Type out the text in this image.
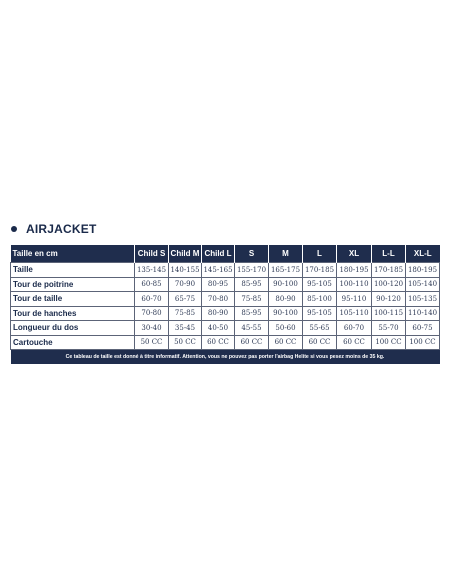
AIRJACKET
Taille en cm	Child S	Child M	Child L	S	M	L	XL	L-L	XL-L
Taille	135-145	140-155	145-165	155-170	165-175	170-185	180-195	170-185	180-195
Tour de poitrine	60-85	70-90	80-95	85-95	90-100	95-105	100-110	100-120	105-140
Tour de taille	60-70	65-75	70-80	75-85	80-90	85-100	95-110	90-120	105-135
Tour de hanches	70-80	75-85	80-90	85-95	90-100	95-105	105-110	100-115	110-140
Longueur du dos	30-40	35-45	40-50	45-55	50-60	55-65	60-70	55-70	60-75
Cartouche	50 CC	50 CC	60 CC	60 CC	60 CC	60 CC	60 CC	100 CC	100 CC
Ce tableau de taille est donné à titre informatif. Attention, vous ne pouvez pas porter l'airbag Helite si vous pesez moins de 35 kg.									
